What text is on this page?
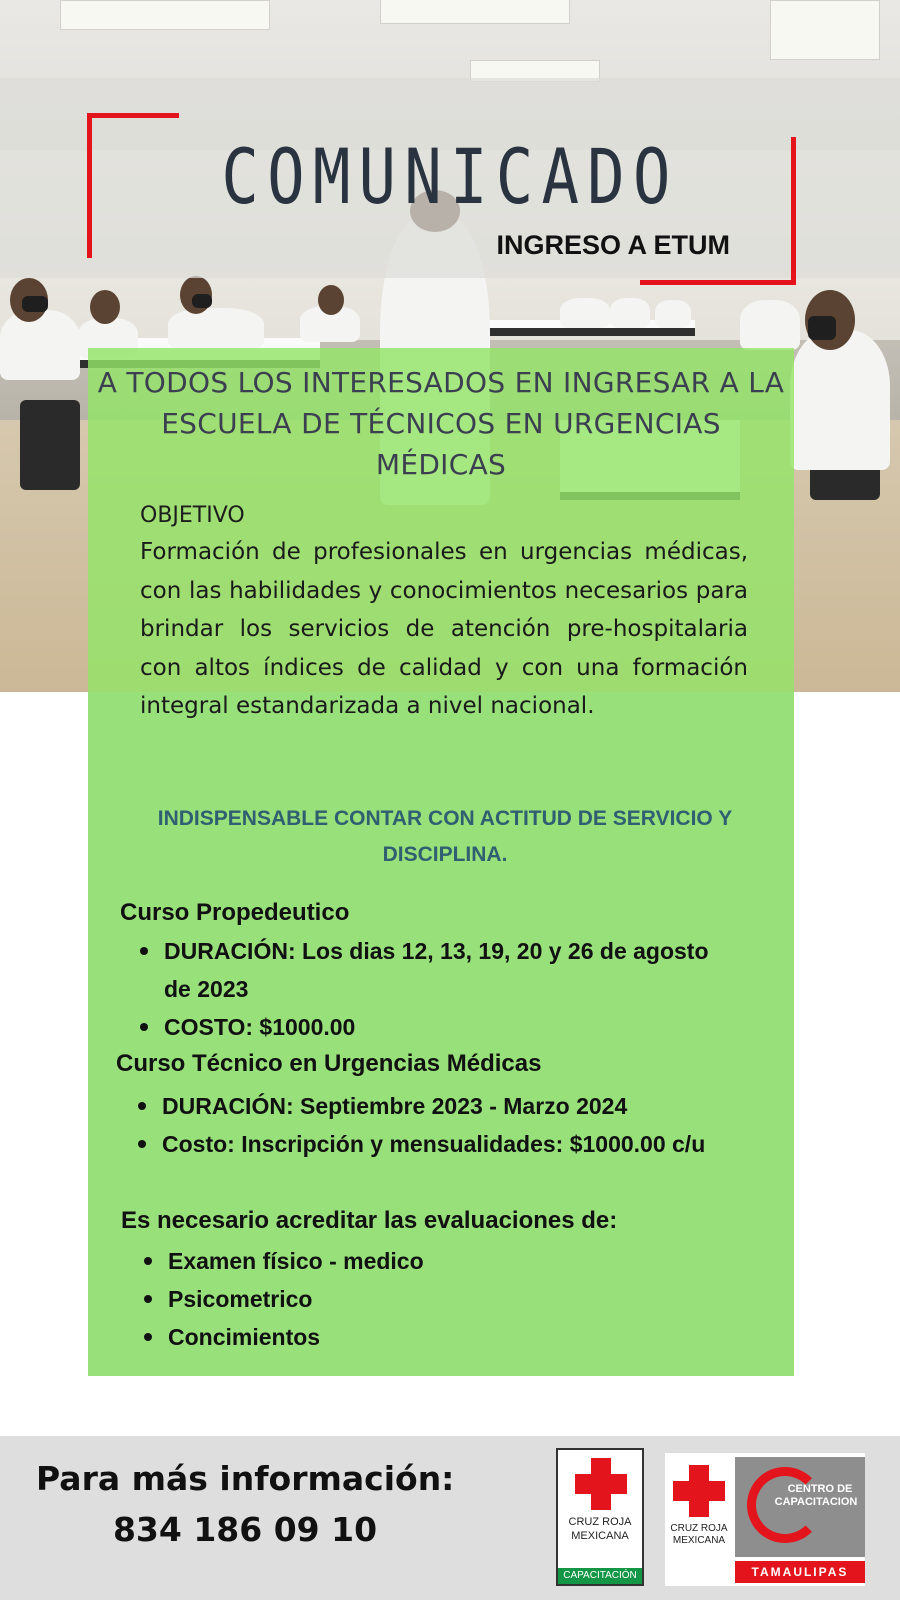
COMUNICADO
INGRESO A ETUM
A TODOS LOS INTERESADOS EN INGRESAR A LA ESCUELA DE TÉCNICOS EN URGENCIAS MÉDICAS
OBJETIVO
Formación de profesionales en urgencias médicas, con las habilidades y conocimientos necesarios para brindar los servicios de atención pre-hospitalaria con altos índices de calidad y con una formación integral estandarizada a nivel nacional.
INDISPENSABLE CONTAR CON ACTITUD DE SERVICIO Y DISCIPLINA.
Curso Propedeutico
DURACIÓN: Los dias 12, 13, 19, 20 y 26 de agosto de 2023
COSTO: $1000.00
Curso Técnico en Urgencias Médicas
DURACIÓN: Septiembre 2023 - Marzo 2024
Costo: Inscripción y mensualidades: $1000.00 c/u
Es necesario acreditar las evaluaciones de:
Examen físico - medico
Psicometrico
Concimientos
Para más información:
834 186 09 10	CRUZ ROJA
MEXICANA
CAPACITACIÓN
CRUZ ROJA
MEXICANA
CENTRO DE
CAPACITACION
TAMAULIPAS
